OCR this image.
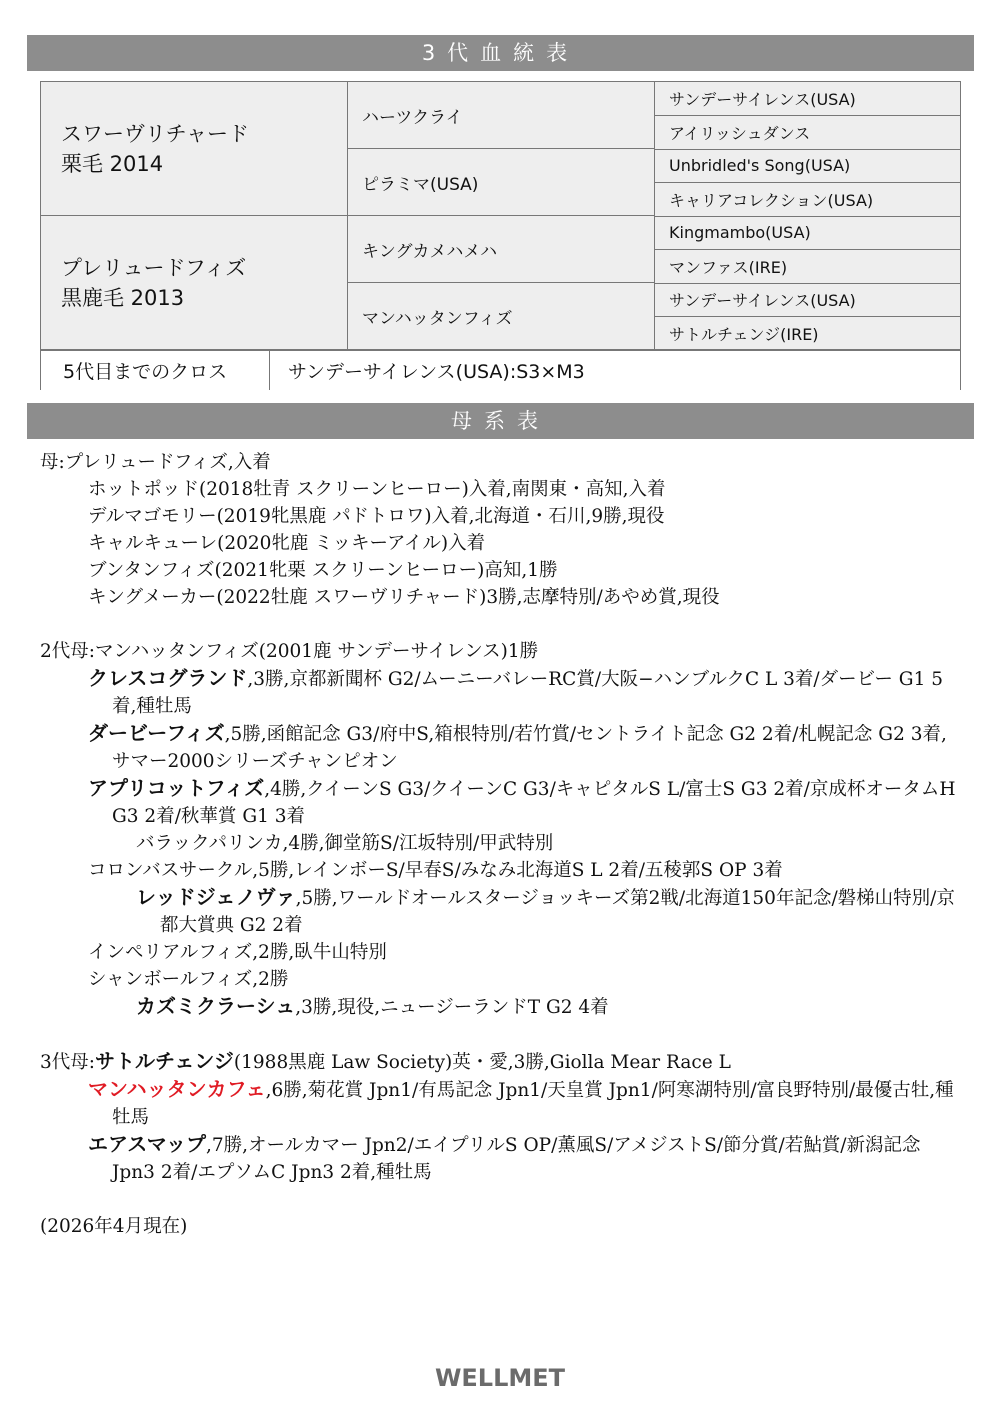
3代血統表
スワーヴリチャード
栗毛 2014
プレリュードフィズ
黒鹿毛 2013
ハーツクライ
ピラミマ(USA)
キングカメハメハ
マンハッタンフィズ
サンデーサイレンス(USA)
アイリッシュダンス
Unbridled's Song(USA)
キャリアコレクション(USA)
Kingmambo(USA)
マンファス(IRE)
サンデーサイレンス(USA)
サトルチェンジ(IRE)
5代目までのクロス	サンデーサイレンス(USA):S3×M3
母系表
母:プレリュードフィズ,入着
ホットポッド(2018牡青 スクリーンヒーロー)入着,南関東・高知,入着
デルマゴモリー(2019牝黒鹿 パドトロワ)入着,北海道・石川,9勝,現役
キャルキューレ(2020牝鹿 ミッキーアイル)入着
ブンタンフィズ(2021牝栗 スクリーンヒーロー)高知,1勝
キングメーカー(2022牡鹿 スワーヴリチャード)3勝,志摩特別/あやめ賞,現役
2代母:マンハッタンフィズ(2001鹿 サンデーサイレンス)1勝
クレスコグランド,3勝,京都新聞杯 G2/ムーニーバレーRC賞/大阪−ハンブルクC L 3着/ダービー G1 5着,種牡馬
ダービーフィズ,5勝,函館記念 G3/府中S,箱根特別/若竹賞/セントライト記念 G2 2着/札幌記念 G2 3着,サマー2000シリーズチャンピオン
アプリコットフィズ,4勝,クイーンS G3/クイーンC G3/キャピタルS L/富士S G3 2着/京成杯オータムH G3 2着/秋華賞 G1 3着
バラックパリンカ,4勝,御堂筋S/江坂特別/甲武特別
コロンバスサークル,5勝,レインボーS/早春S/みなみ北海道S L 2着/五稜郭S OP 3着
レッドジェノヴァ,5勝,ワールドオールスタージョッキーズ第2戦/北海道150年記念/磐梯山特別/京都大賞典 G2 2着
インペリアルフィズ,2勝,臥牛山特別
シャンボールフィズ,2勝
カズミクラーシュ,3勝,現役,ニュージーランドT G2 4着
3代母:サトルチェンジ(1988黒鹿 Law Society)英・愛,3勝,Giolla Mear Race L
マンハッタンカフェ,6勝,菊花賞 Jpn1/有馬記念 Jpn1/天皇賞 Jpn1/阿寒湖特別/富良野特別/最優古牡,種牡馬
エアスマップ,7勝,オールカマー Jpn2/エイプリルS OP/薫風S/アメジストS/節分賞/若鮎賞/新潟記念 Jpn3 2着/エプソムC Jpn3 2着,種牡馬
(2026年4月現在)
WELLMET
